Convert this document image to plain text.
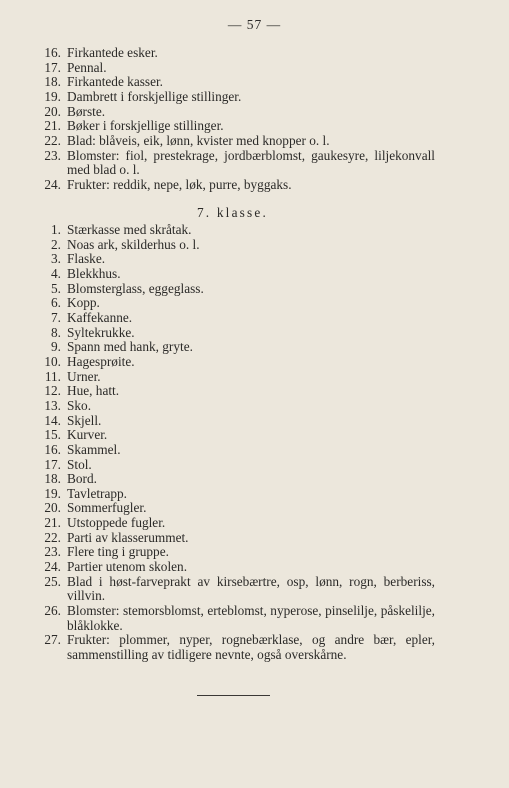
— 57 —
16. Firkantede esker.
17. Pennal.
18. Firkantede kasser.
19. Dambrett i forskjellige stillinger.
20. Børste.
21. Bøker i forskjellige stillinger.
22. Blad: blåveis, eik, lønn, kvister med knopper o. l.
23. Blomster: fiol, prestekrage, jordbærblomst, gaukesyre, liljekonvall med blad o. l.
24. Frukter: reddik, nepe, løk, purre, byggaks.
7. klasse.
1. Stærkasse med skråtak.
2. Noas ark, skilderhus o. l.
3. Flaske.
4. Blekkhus.
5. Blomsterglass, eggeglass.
6. Kopp.
7. Kaffekanne.
8. Syltekrukke.
9. Spann med hank, gryte.
10. Hagesprøite.
11. Urner.
12. Hue, hatt.
13. Sko.
14. Skjell.
15. Kurver.
16. Skammel.
17. Stol.
18. Bord.
19. Tavletrapp.
20. Sommerfugler.
21. Utstoppede fugler.
22. Parti av klasserummet.
23. Flere ting i gruppe.
24. Partier utenom skolen.
25. Blad i høst-farveprakt av kirsebærtre, osp, lønn, rogn, berberiss, villvin.
26. Blomster: stemorsblomst, erteblomst, nyperose, pinselilje, påskelilje, blåklokke.
27. Frukter: plommer, nyper, rognebærklase, og andre bær, epler, sammenstilling av tidligere nevnte, også overskårne.
